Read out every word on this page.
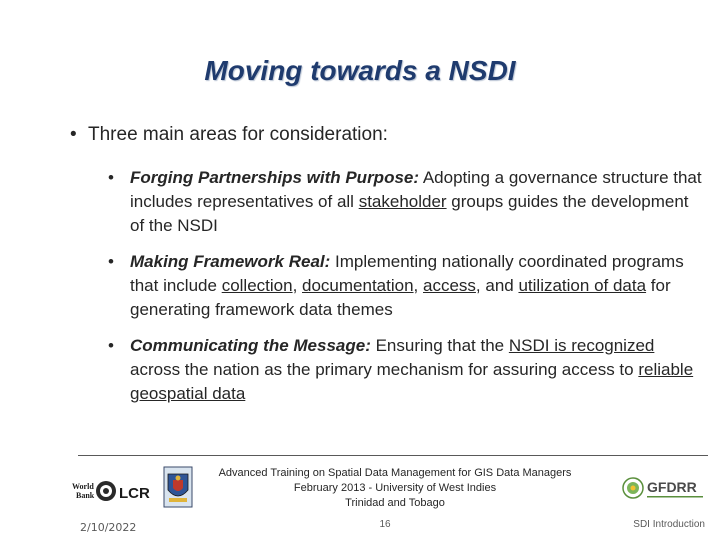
Moving towards a NSDI
• Three main areas for consideration:
• Forging Partnerships with Purpose: Adopting a governance structure that includes representatives of all stakeholder groups guides the development of the NSDI
• Making Framework Real: Implementing nationally coordinated programs that include collection, documentation, access, and utilization of data for generating framework data themes
• Communicating the Message: Ensuring that the NSDI is recognized across the nation as the primary mechanism for assuring access to reliable geospatial data
World
Bank LCR
Advanced Training on Spatial Data Management for GIS Data Managers
February 2013 - University of West Indies
Trinidad and Tobago
GFDRR
2/10/2022	16	SDI Introduction
